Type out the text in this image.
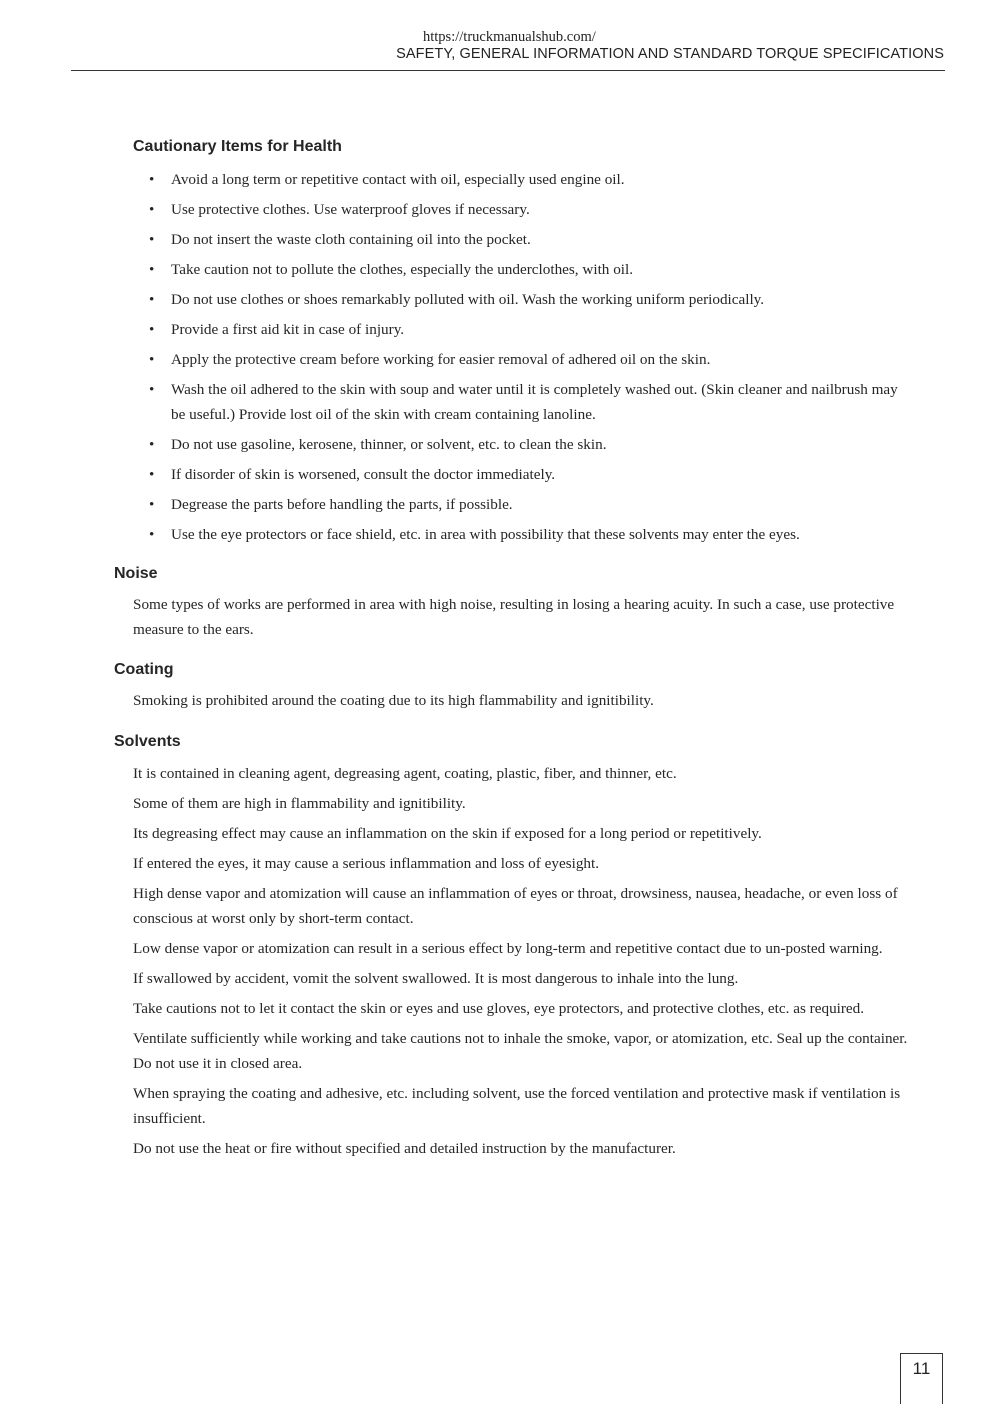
https://truckmanualshub.com/
SAFETY, GENERAL INFORMATION AND STANDARD TORQUE SPECIFICATIONS
Cautionary Items for Health
• Avoid a long term or repetitive contact with oil, especially used engine oil.
• Use protective clothes. Use waterproof gloves if necessary.
• Do not insert the waste cloth containing oil into the pocket.
• Take caution not to pollute the clothes, especially the underclothes, with oil.
• Do not use clothes or shoes remarkably polluted with oil. Wash the working uniform periodically.
• Provide a first aid kit in case of injury.
• Apply the protective cream before working for easier removal of adhered oil on the skin.
• Wash the oil adhered to the skin with soup and water until it is completely washed out. (Skin cleaner and nailbrush may be useful.) Provide lost oil of the skin with cream containing lanoline.
• Do not use gasoline, kerosene, thinner, or solvent, etc. to clean the skin.
• If disorder of skin is worsened, consult the doctor immediately.
• Degrease the parts before handling the parts, if possible.
• Use the eye protectors or face shield, etc. in area with possibility that these solvents may enter the eyes.
Noise
Some types of works are performed in area with high noise, resulting in losing a hearing acuity. In such a case, use protective measure to the ears.
Coating
Smoking is prohibited around the coating due to its high flammability and ignitibility.
Solvents

It is contained in cleaning agent, degreasing agent, coating, plastic, fiber, and thinner, etc.

Some of them are high in flammability and ignitibility.

Its degreasing effect may cause an inflammation on the skin if exposed for a long period or repetitively.

If entered the eyes, it may cause a serious inflammation and loss of eyesight.

High dense vapor and atomization will cause an inflammation of eyes or throat, drowsiness, nausea, headache, or even loss of conscious at worst only by short-term contact.

Low dense vapor or atomization can result in a serious effect by long-term and repetitive contact due to un-posted warning.

If swallowed by accident, vomit the solvent swallowed. It is most dangerous to inhale into the lung.

Take cautions not to let it contact the skin or eyes and use gloves, eye protectors, and protective clothes, etc. as required.

Ventilate sufficiently while working and take cautions not to inhale the smoke, vapor, or atomization, etc. Seal up the container. Do not use it in closed area.

When spraying the coating and adhesive, etc. including solvent, use the forced ventilation and protective mask if ventilation is insufficient.

Do not use the heat or fire without specified and detailed instruction by the manufacturer.

11
